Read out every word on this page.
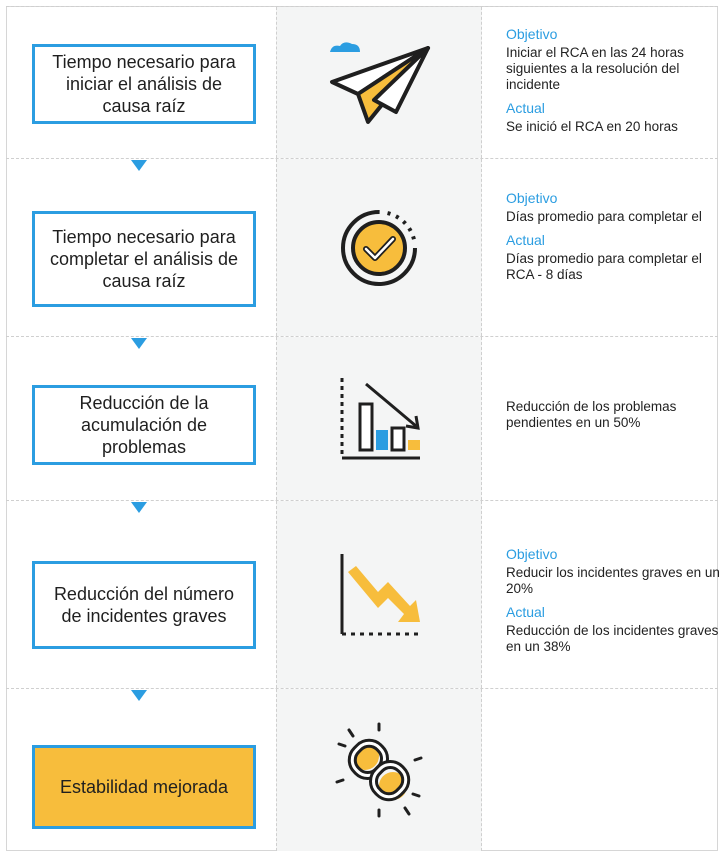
Tiempo necesario para iniciar el análisis de causa raíz
Objetivo
Iniciar el RCA en las 24 horas siguientes a la resolución del incidente
Actual
Se inició el RCA en 20 horas
Tiempo necesario para completar el análisis de causa raíz
Objetivo
Días promedio para completar el
Actual
Días promedio para completar el RCA - 8 días
Reducción de la acumulación de problemas
Reducción de los problemas pendientes en un 50%
Reducción del número de incidentes graves
Objetivo
Reducir los incidentes graves en un 20%
Actual
Reducción de los incidentes graves en un 38%
Estabilidad mejorada
